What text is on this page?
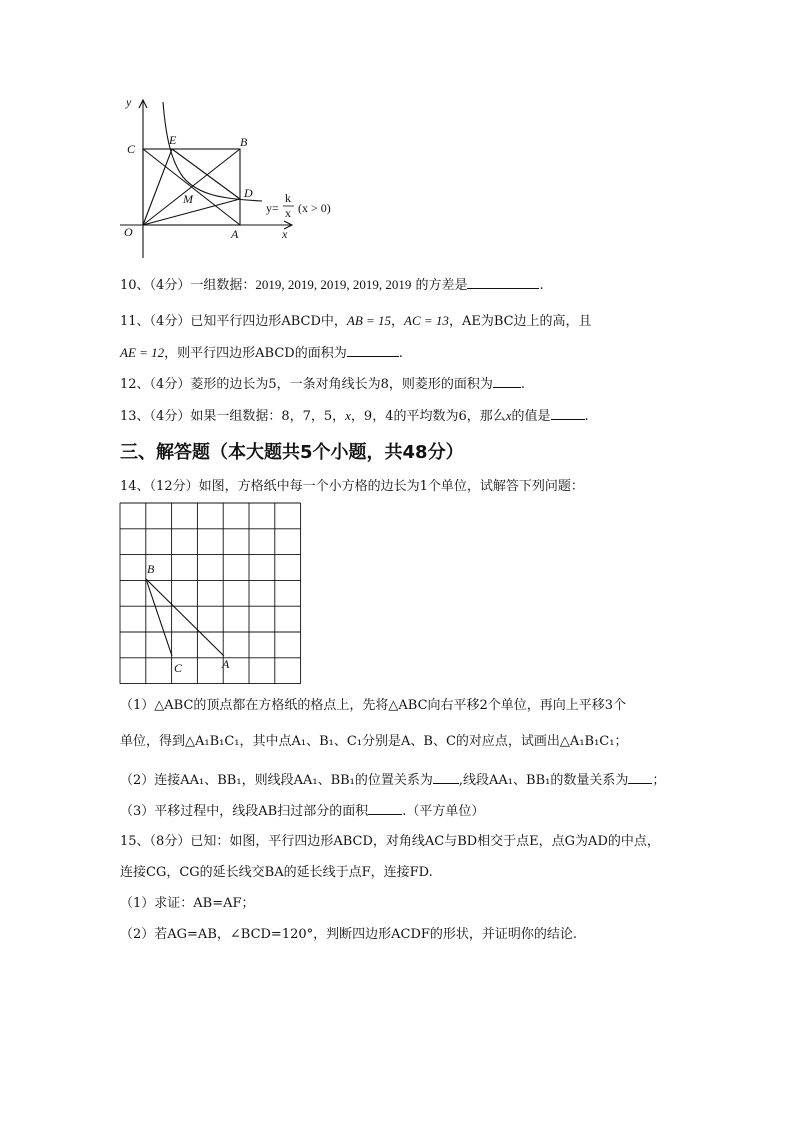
y
C
E	B
D
M
O	A	x
y=
k
x (x > 0)
10、（4分）一组数据：2019, 2019, 2019, 2019, 2019 的方差是	.
11、（4分）已知平行四边形ABCD中，AB = 15，AC = 13，AE为BC边上的高，且
AE = 12，则平行四边形ABCD的面积为	.
12、（4分）菱形的边长为5，一条对角线长为8，则菱形的面积为 .
13、（4分）如果一组数据：8，7，5，x，9，4的平均数为6，那么x的值是	.
三、解答题（本大题共5个小题，共48分）
14、（12分）如图，方格纸中每一个小方格的边长为1个单位，试解答下列问题：
B
C	A
（1）△ABC的顶点都在方格纸的格点上，先将△ABC向右平移2个单位，再向上平移3个
单位，得到△A₁B₁C₁，其中点A₁、B₁、C₁分别是A、B、C的对应点，试画出△A₁B₁C₁；
（2）连接AA₁、BB₁，则线段AA₁、BB₁的位置关系为 ,线段AA₁、BB₁的数量关系为 ；
（3）平移过程中，线段AB扫过部分的面积	.（平方单位）
15、（8分）已知：如图，平行四边形ABCD，对角线AC与BD相交于点E，点G为AD的中点，
连接CG，CG的延长线交BA的延长线于点F，连接FD.
（1）求证：AB=AF；
（2）若AG=AB，∠BCD=120°，判断四边形ACDF的形状，并证明你的结论.
